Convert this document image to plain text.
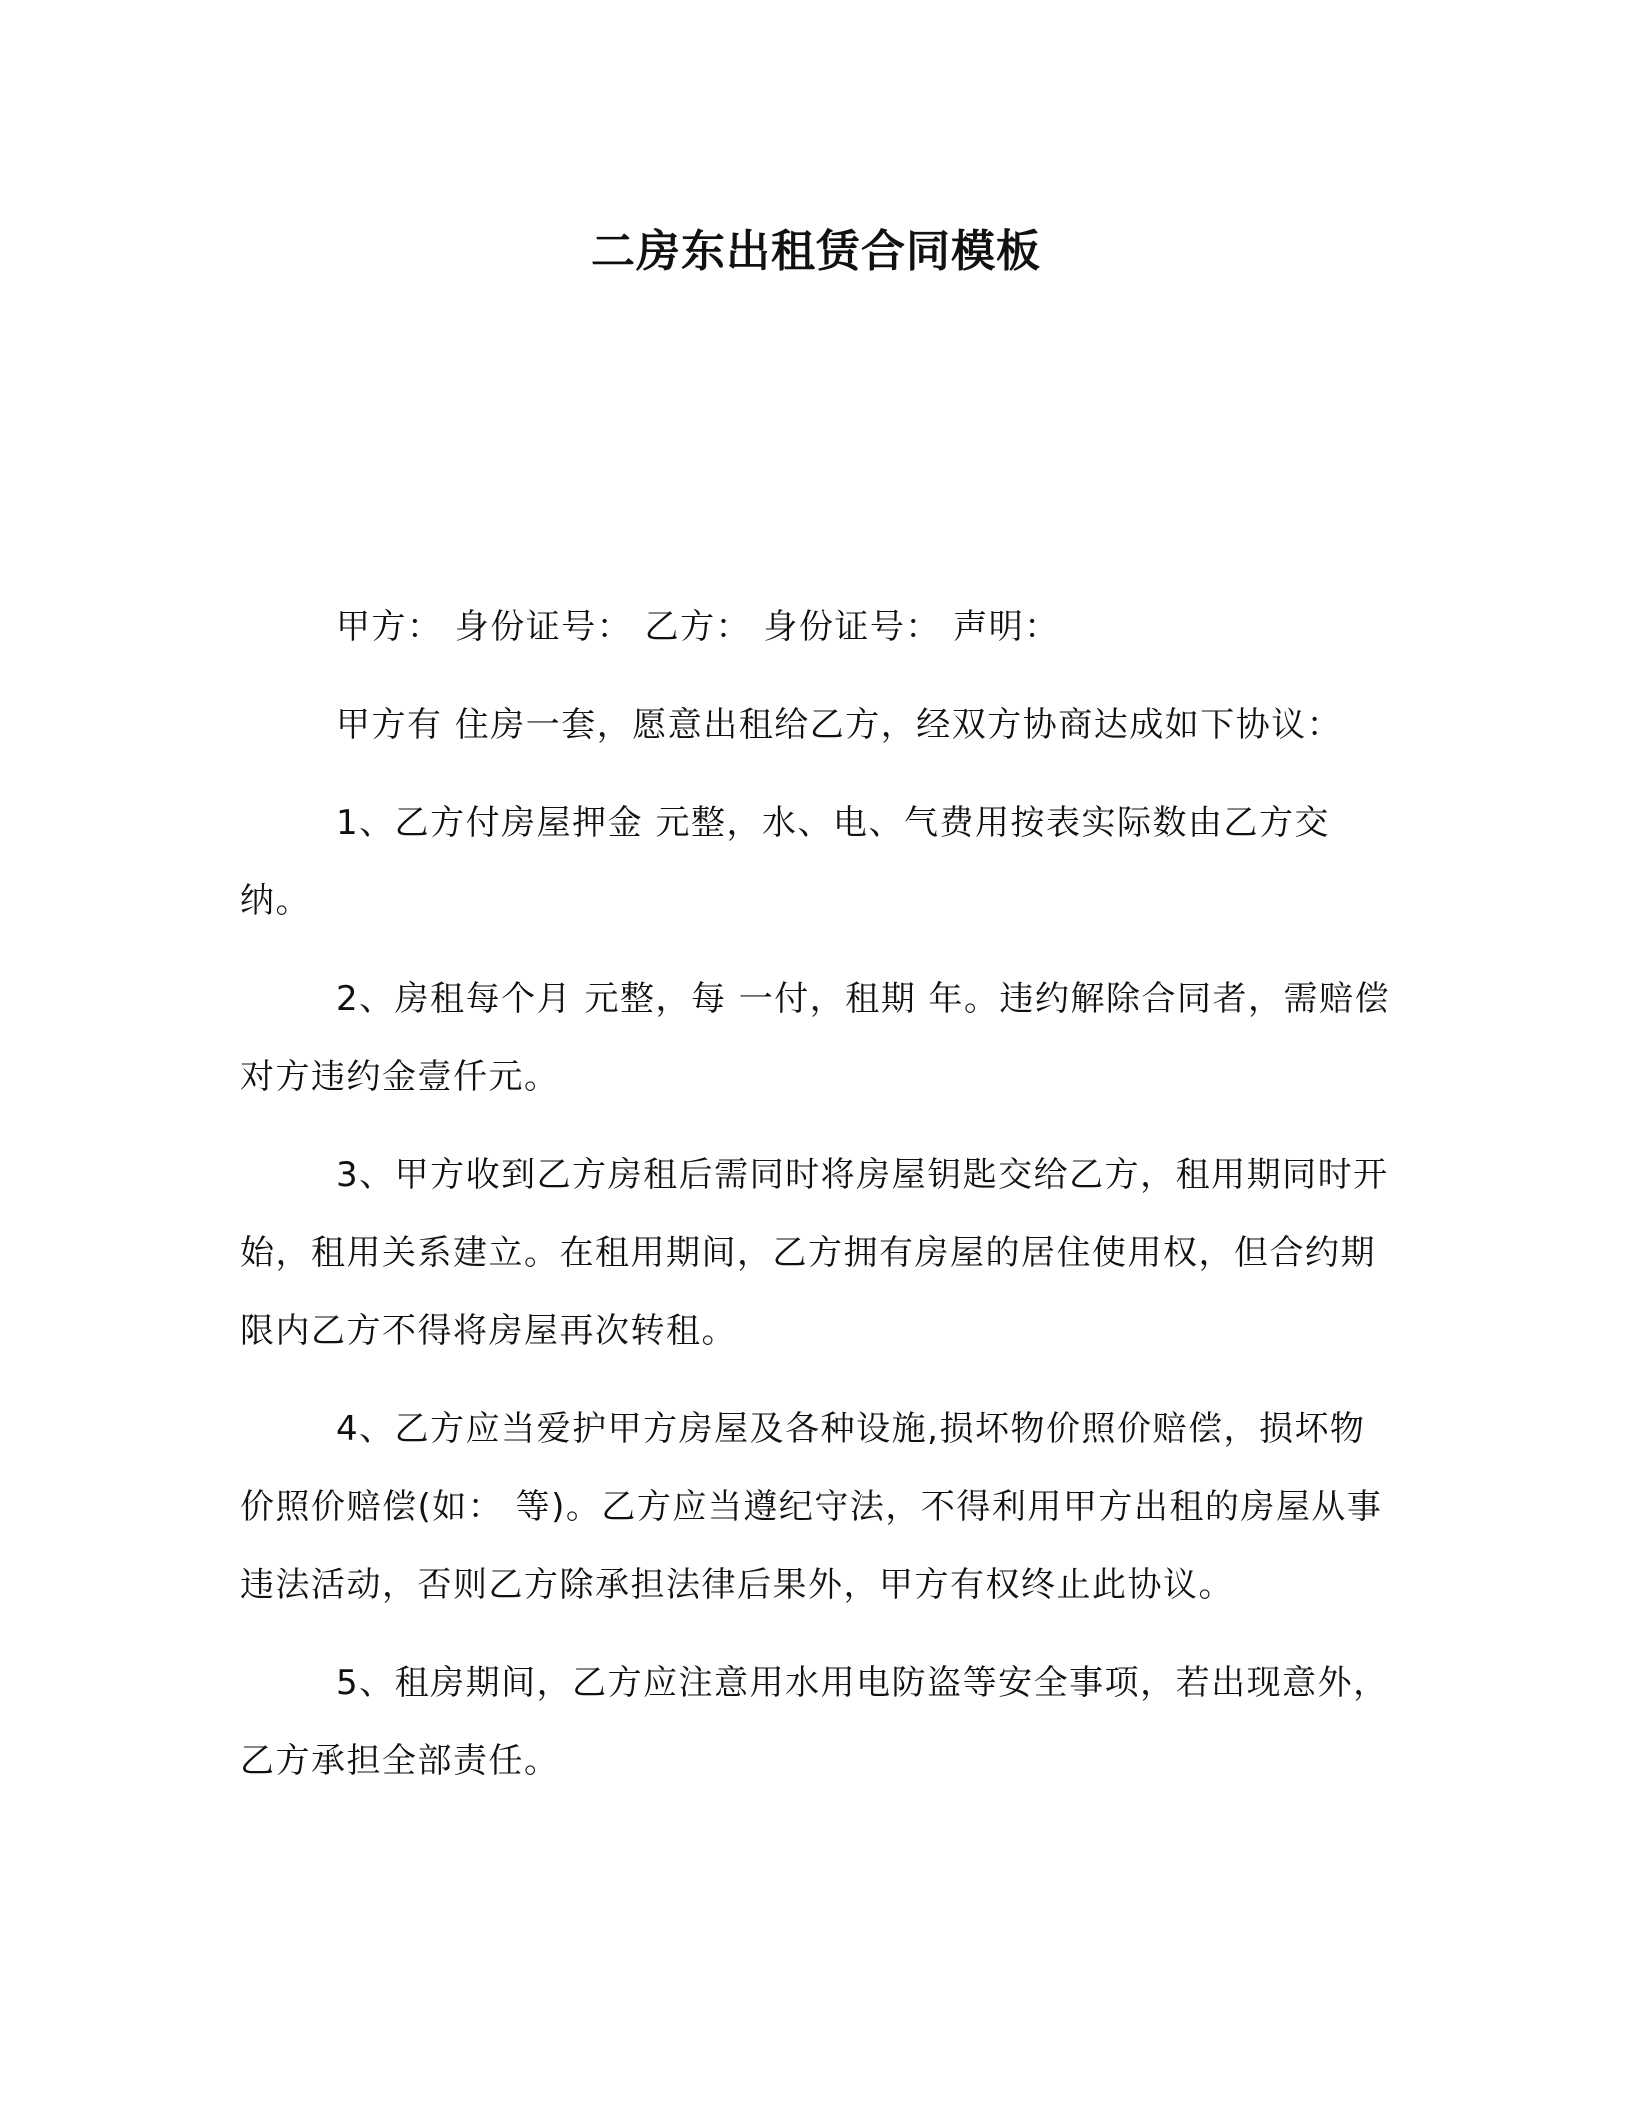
二房东出租赁合同模板

甲方： 身份证号： 乙方： 身份证号： 声明：

甲方有 住房一套，愿意出租给乙方，经双方协商达成如下协议：

1、乙方付房屋押金 元整，水、电、气费用按表实际数由乙方交纳。

2、房租每个月 元整，每 一付，租期 年。违约解除合同者，需赔偿对方违约金壹仟元。

3、甲方收到乙方房租后需同时将房屋钥匙交给乙方，租用期同时开始，租用关系建立。在租用期间，乙方拥有房屋的居住使用权，但合约期限内乙方不得将房屋再次转租。

4、乙方应当爱护甲方房屋及各种设施,损坏物价照价赔偿，损坏物价照价赔偿(如： 等)。乙方应当遵纪守法，不得利用甲方出租的房屋从事违法活动，否则乙方除承担法律后果外，甲方有权终止此协议。

5、租房期间，乙方应注意用水用电防盗等安全事项，若出现意外，乙方承担全部责任。
